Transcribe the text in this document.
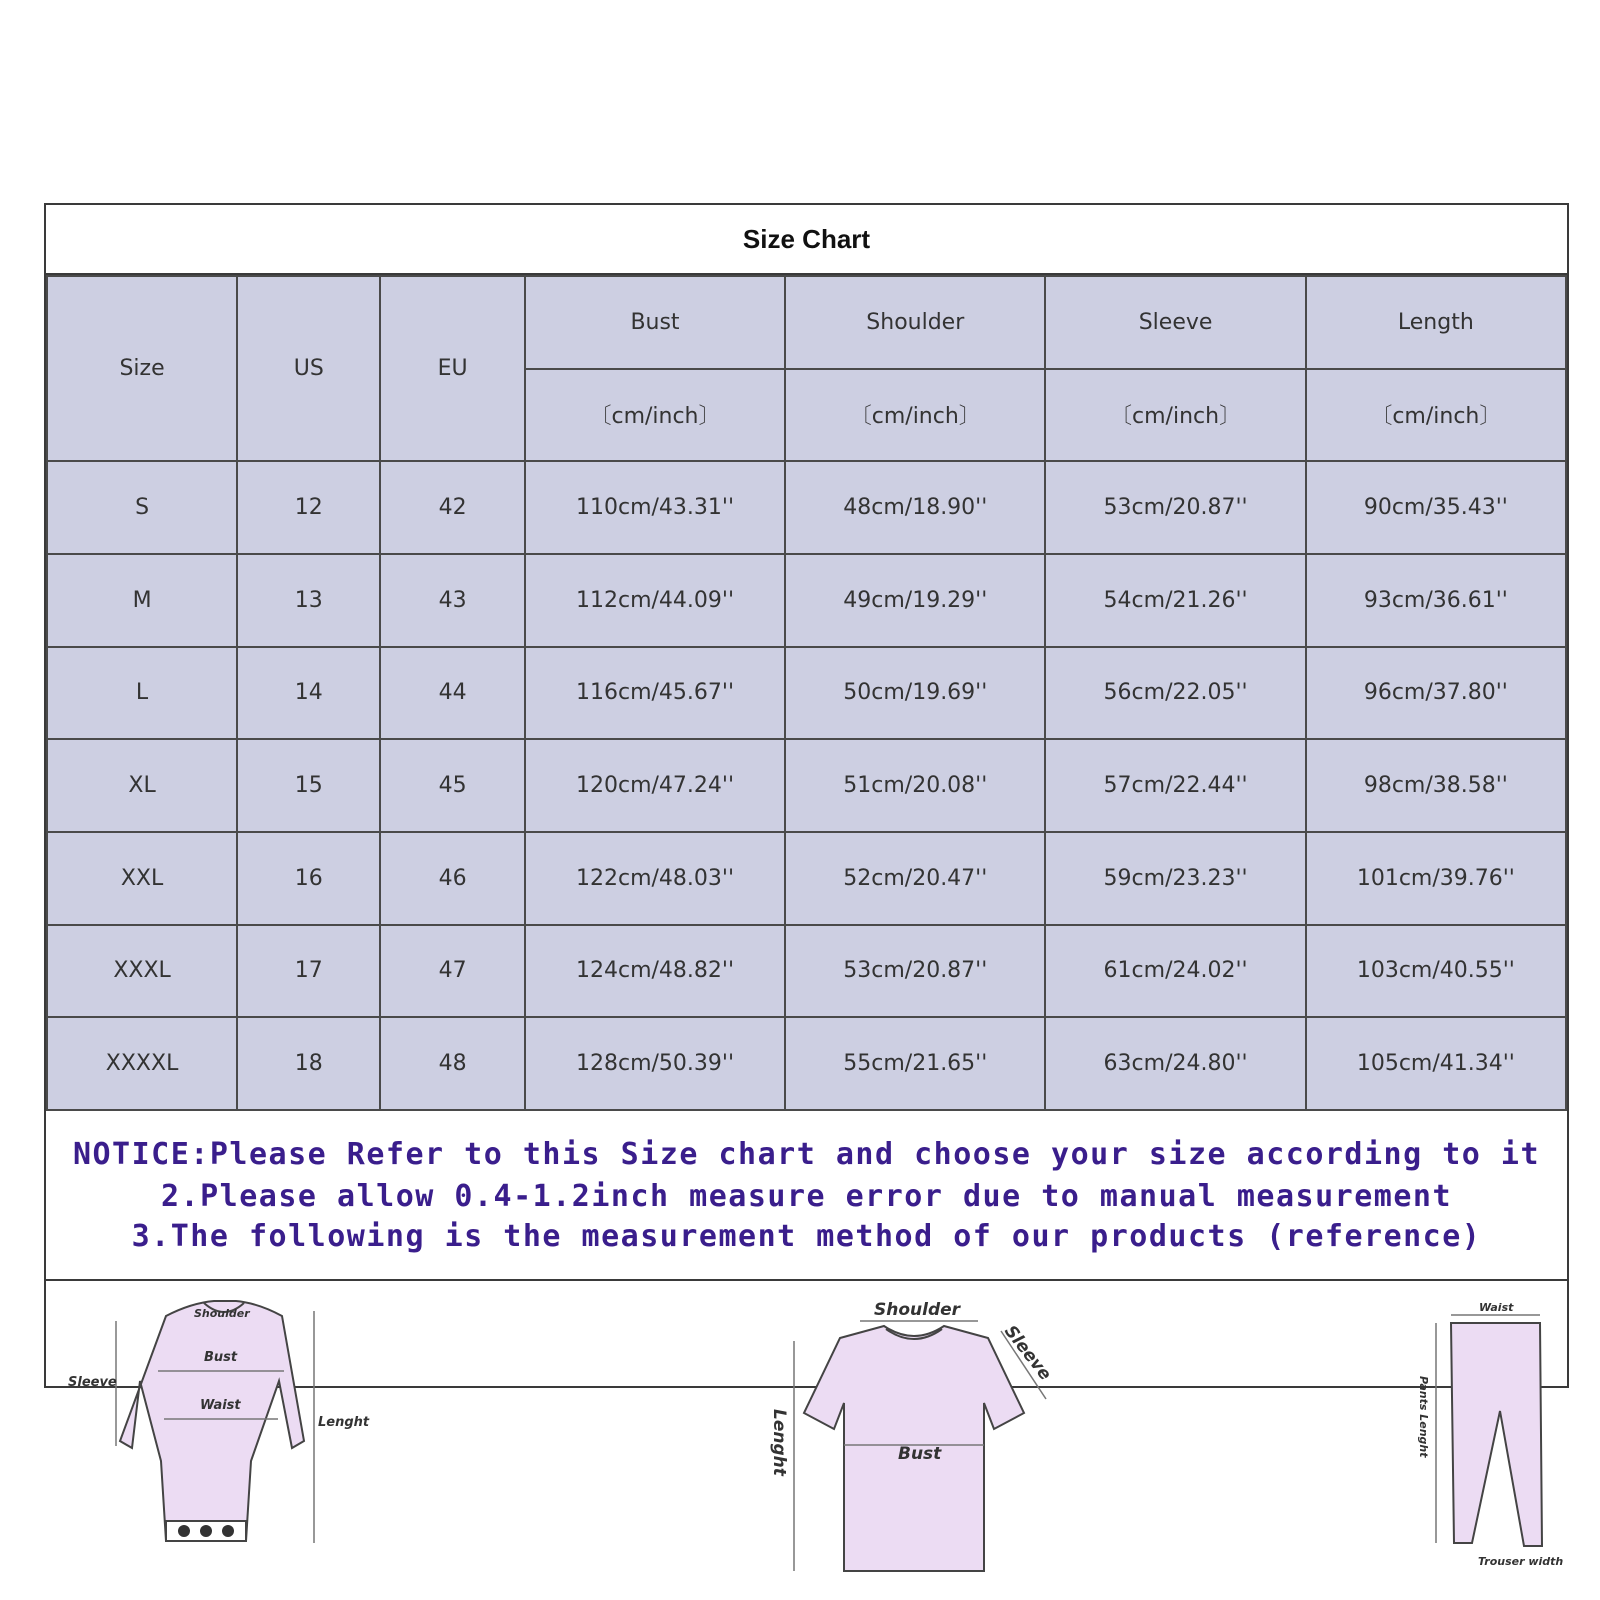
Size Chart
Size	US	EU	Bust	Shoulder	Sleeve	Length
			〔cm/inch〕	〔cm/inch〕	〔cm/inch〕	〔cm/inch〕
S	12	42	110cm/43.31''	48cm/18.90''	53cm/20.87''	90cm/35.43''
M	13	43	112cm/44.09''	49cm/19.29''	54cm/21.26''	93cm/36.61''
L	14	44	116cm/45.67''	50cm/19.69''	56cm/22.05''	96cm/37.80''
XL	15	45	120cm/47.24''	51cm/20.08''	57cm/22.44''	98cm/38.58''
XXL	16	46	122cm/48.03''	52cm/20.47''	59cm/23.23''	101cm/39.76''
XXXL	17	47	124cm/48.82''	53cm/20.87''	61cm/24.02''	103cm/40.55''
XXXXL	18	48	128cm/50.39''	55cm/21.65''	63cm/24.80''	105cm/41.34''
NOTICE:Please Refer to this Size chart and choose your size according to it
2.Please allow 0.4-1.2inch measure error due to manual measurement
3.The following is the measurement method of our products (reference)
Shoulder
Bust
Waist
Sleeve
Lenght
Shoulder
Sleeve
Bust
Lenght
Waist
Pants Lenght
Trouser width
